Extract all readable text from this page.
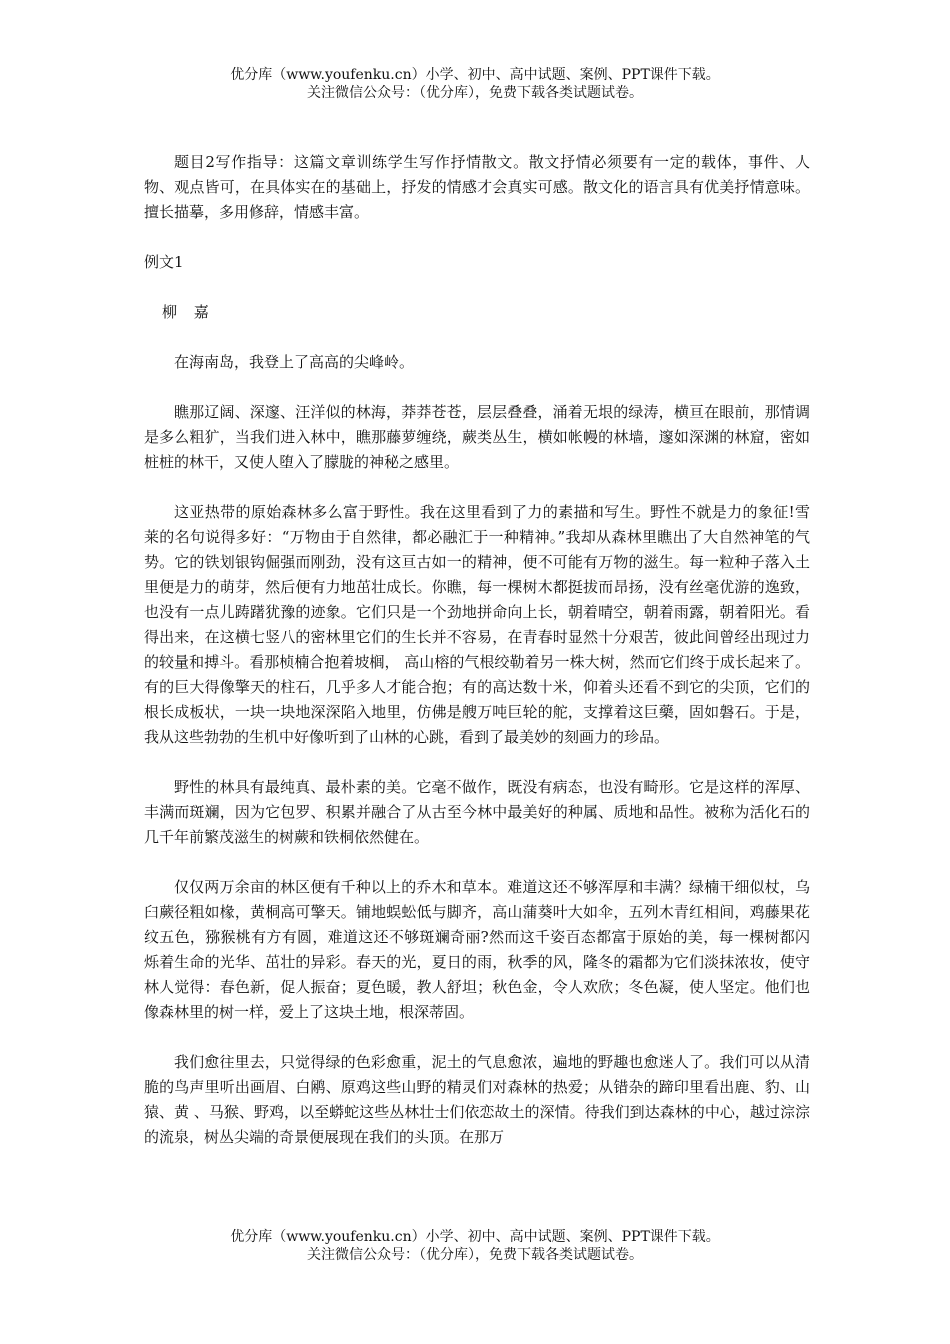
优分库（www.youfenku.cn）小学、初中、高中试题、案例、PPT课件下载。
关注微信公众号：（优分库），免费下载各类试题试卷。

题目2写作指导：这篇文章训练学生写作抒情散文。散文抒情必须要有一定的载体，事件、人物、观点皆可，在具体实在的基础上，抒发的情感才会真实可感。散文化的语言具有优美抒情意味。擅长描摹，多用修辞，情感丰富。

例文1
柳 嘉

在海南岛，我登上了高高的尖峰岭。

瞧那辽阔、深邃、汪洋似的林海，莽莽苍苍，层层叠叠，涌着无垠的绿涛，横亘在眼前，那情调是多么粗犷，当我们进入林中，瞧那藤萝缠绕，蕨类丛生，横如帐幔的林墙，邃如深渊的林窟，密如桩桩的林干，又使人堕入了朦胧的神秘之感里。

这亚热带的原始森林多么富于野性。我在这里看到了力的素描和写生。野性不就是力的象征!雪莱的名句说得多好：“万物由于自然律，都必融汇于一种精神。”我却从森林里瞧出了大自然神笔的气势。它的铁划银钩倔强而刚劲，没有这亘古如一的精神，便不可能有万物的滋生。每一粒种子落入土里便是力的萌芽，然后便有力地茁壮成长。你瞧，每一棵树木都挺拔而昂扬，没有丝毫优游的逸致，也没有一点儿踌躇犹豫的迹象。它们只是一个劲地拼命向上长，朝着晴空，朝着雨露，朝着阳光。看得出来，在这横七竖八的密林里它们的生长并不容易，在青春时显然十分艰苦，彼此间曾经出现过力的较量和搏斗。看那桢楠合抱着坡榈， 高山榕的气根绞勒着另一株大树，然而它们终于成长起来了。有的巨大得像擎天的柱石，几乎多人才能合抱；有的高达数十米，仰着头还看不到它的尖顶，它们的根长成板状，一块一块地深深陷入地里，仿佛是艘万吨巨轮的舵，支撑着这巨藥，固如磐石。于是，我从这些勃勃的生机中好像听到了山林的心跳，看到了最美妙的刻画力的珍品。

野性的林具有最纯真、最朴素的美。它毫不做作，既没有病态，也没有畸形。它是这样的浑厚、丰满而斑斓，因为它包罗、积累并融合了从古至今林中最美好的种属、质地和品性。被称为活化石的几千年前繁茂滋生的树蕨和铁桐依然健在。

仅仅两万余亩的林区便有千种以上的乔木和草本。难道这还不够浑厚和丰满？绿楠干细似杖，乌臼蕨径粗如椽，黄桐高可擎天。铺地蜈蚣低与脚齐，高山蒲葵叶大如伞，五列木青红相间，鸡藤果花纹五色，猕猴桃有方有圆，难道这还不够斑斓奇丽?然而这千姿百态都富于原始的美，每一棵树都闪烁着生命的光华、茁壮的异彩。春天的光，夏日的雨，秋季的风，隆冬的霜都为它们淡抹浓妆，使守林人觉得：春色新，促人振奋；夏色暖，教人舒坦；秋色金，令人欢欣；冬色凝，使人坚定。他们也像森林里的树一样，爱上了这块土地，根深蒂固。

我们愈往里去，只觉得绿的色彩愈重，泥土的气息愈浓，遍地的野趣也愈迷人了。我们可以从清脆的鸟声里听出画眉、白鹇、原鸡这些山野的精灵们对森林的热爱；从错杂的蹄印里看出鹿、豹、山猿、黄 、马猴、野鸡，以至蟒蛇这些丛林壮士们依恋故土的深情。待我们到达森林的中心，越过淙淙的流泉，树丛尖端的奇景便展现在我们的头顶。在那万

优分库（www.youfenku.cn）小学、初中、高中试题、案例、PPT课件下载。
关注微信公众号：（优分库），免费下载各类试题试卷。
